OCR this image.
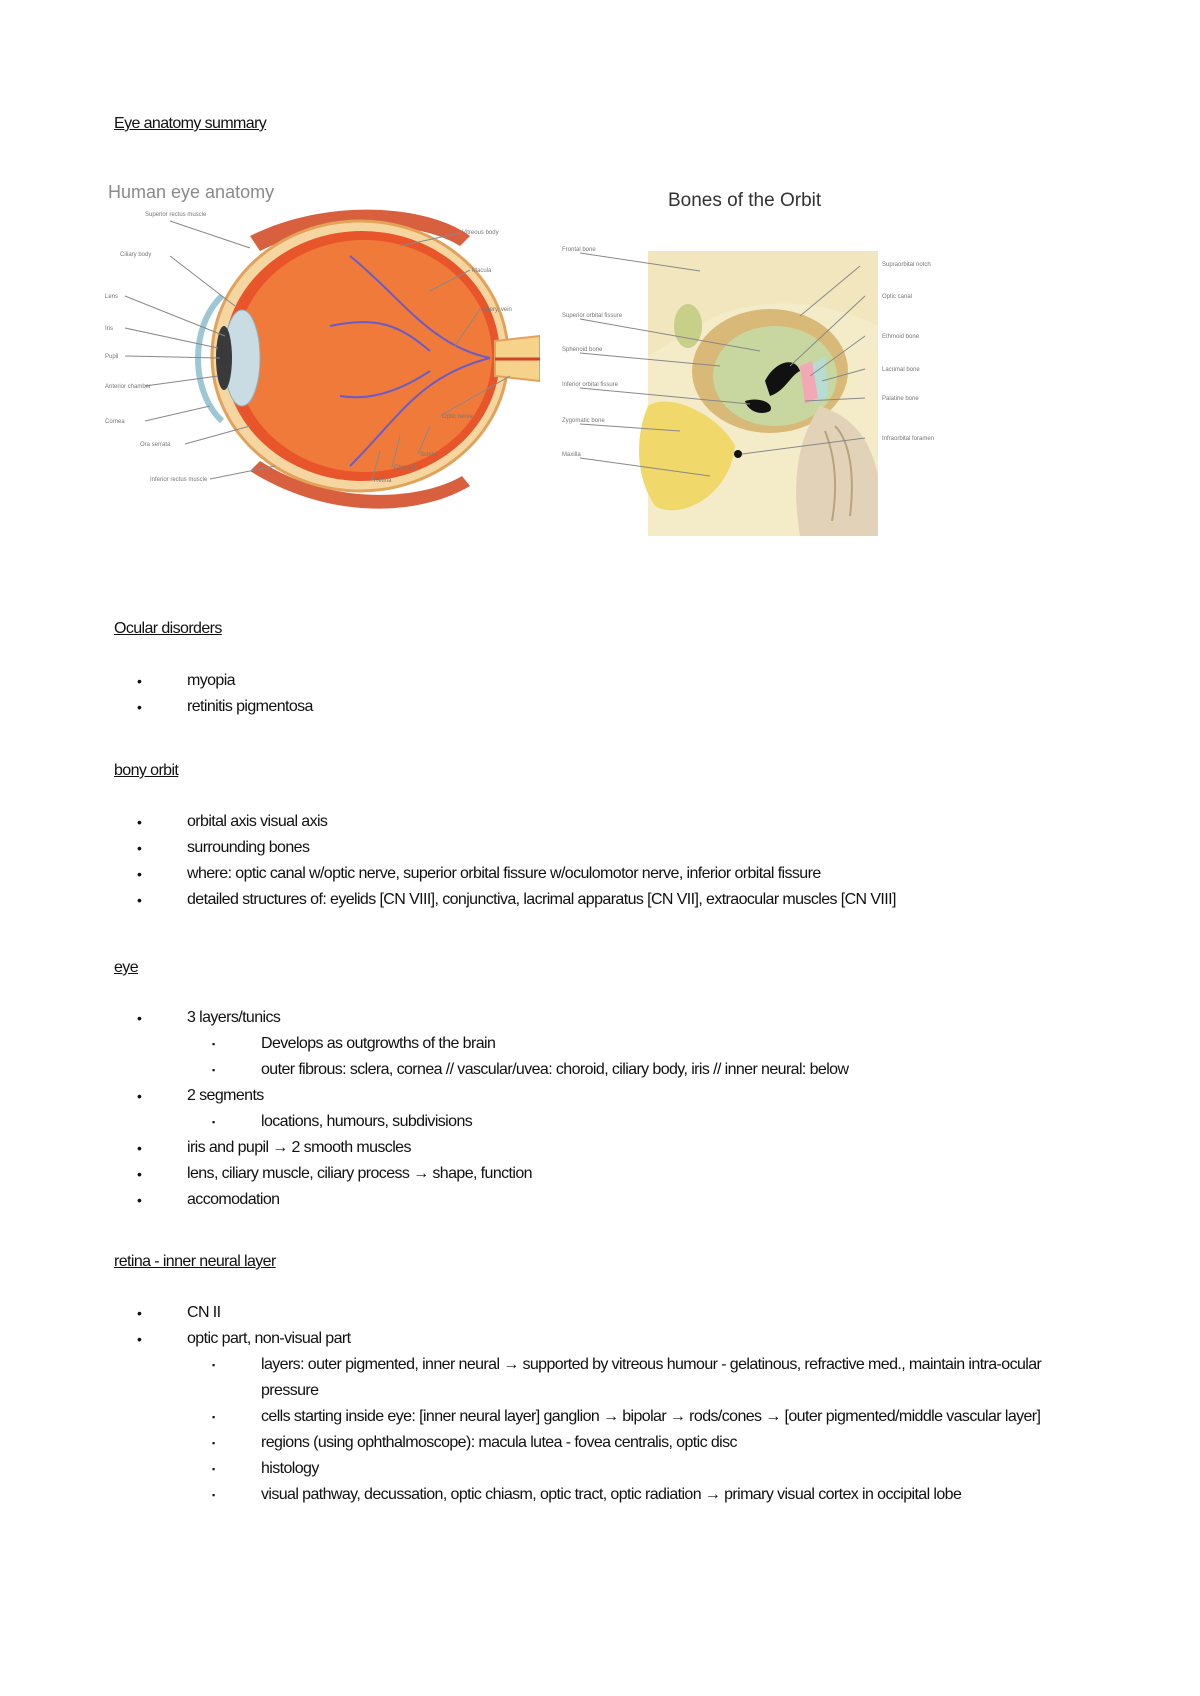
Eye anatomy summary
Human eye anatomy
Superior rectus muscle
Ciliary body
Lens
Iris
Pupil
Anterior chamber
Cornea
Ora serrata
Inferior rectus muscle
Vitreous body
Macula
Artery, vein
Optic nerve
Sclera
Choroid
Retina
Bones of the Orbit
Frontal bone
Superior orbital fissure
Sphenoid bone
Inferior orbital fissure
Zygomatic bone
Maxilla
Supraorbital notch
Optic canal
Ethmoid bone
Lacrimal bone
Palatine bone
Infraorbital foramen
Ocular disorders
• myopia
• retinitis pigmentosa
bony orbit
• orbital axis visual axis
• surrounding bones
• where: optic canal w/optic nerve, superior orbital fissure w/oculomotor nerve, inferior orbital fissure
• detailed structures of: eyelids [CN VIII], conjunctiva, lacrimal apparatus [CN VII], extraocular muscles [CN VIII]
eye
• 3 layers/tunics
▪ Develops as outgrowths of the brain
▪ outer fibrous: sclera, cornea // vascular/uvea: choroid, ciliary body, iris // inner neural: below
• 2 segments
▪ locations, humours, subdivisions
• iris and pupil → 2 smooth muscles
• lens, ciliary muscle, ciliary process → shape, function
• accomodation
retina - inner neural layer
• CN II
• optic part, non-visual part
▪ layers: outer pigmented, inner neural → supported by vitreous humour - gelatinous, refractive med., maintain intra-ocular pressure
▪ cells starting inside eye: [inner neural layer] ganglion → bipolar → rods/cones → [outer pigmented/middle vascular layer]
▪ regions (using ophthalmoscope): macula lutea - fovea centralis, optic disc
▪ histology
▪ visual pathway, decussation, optic chiasm, optic tract, optic radiation → primary visual cortex in occipital lobe
